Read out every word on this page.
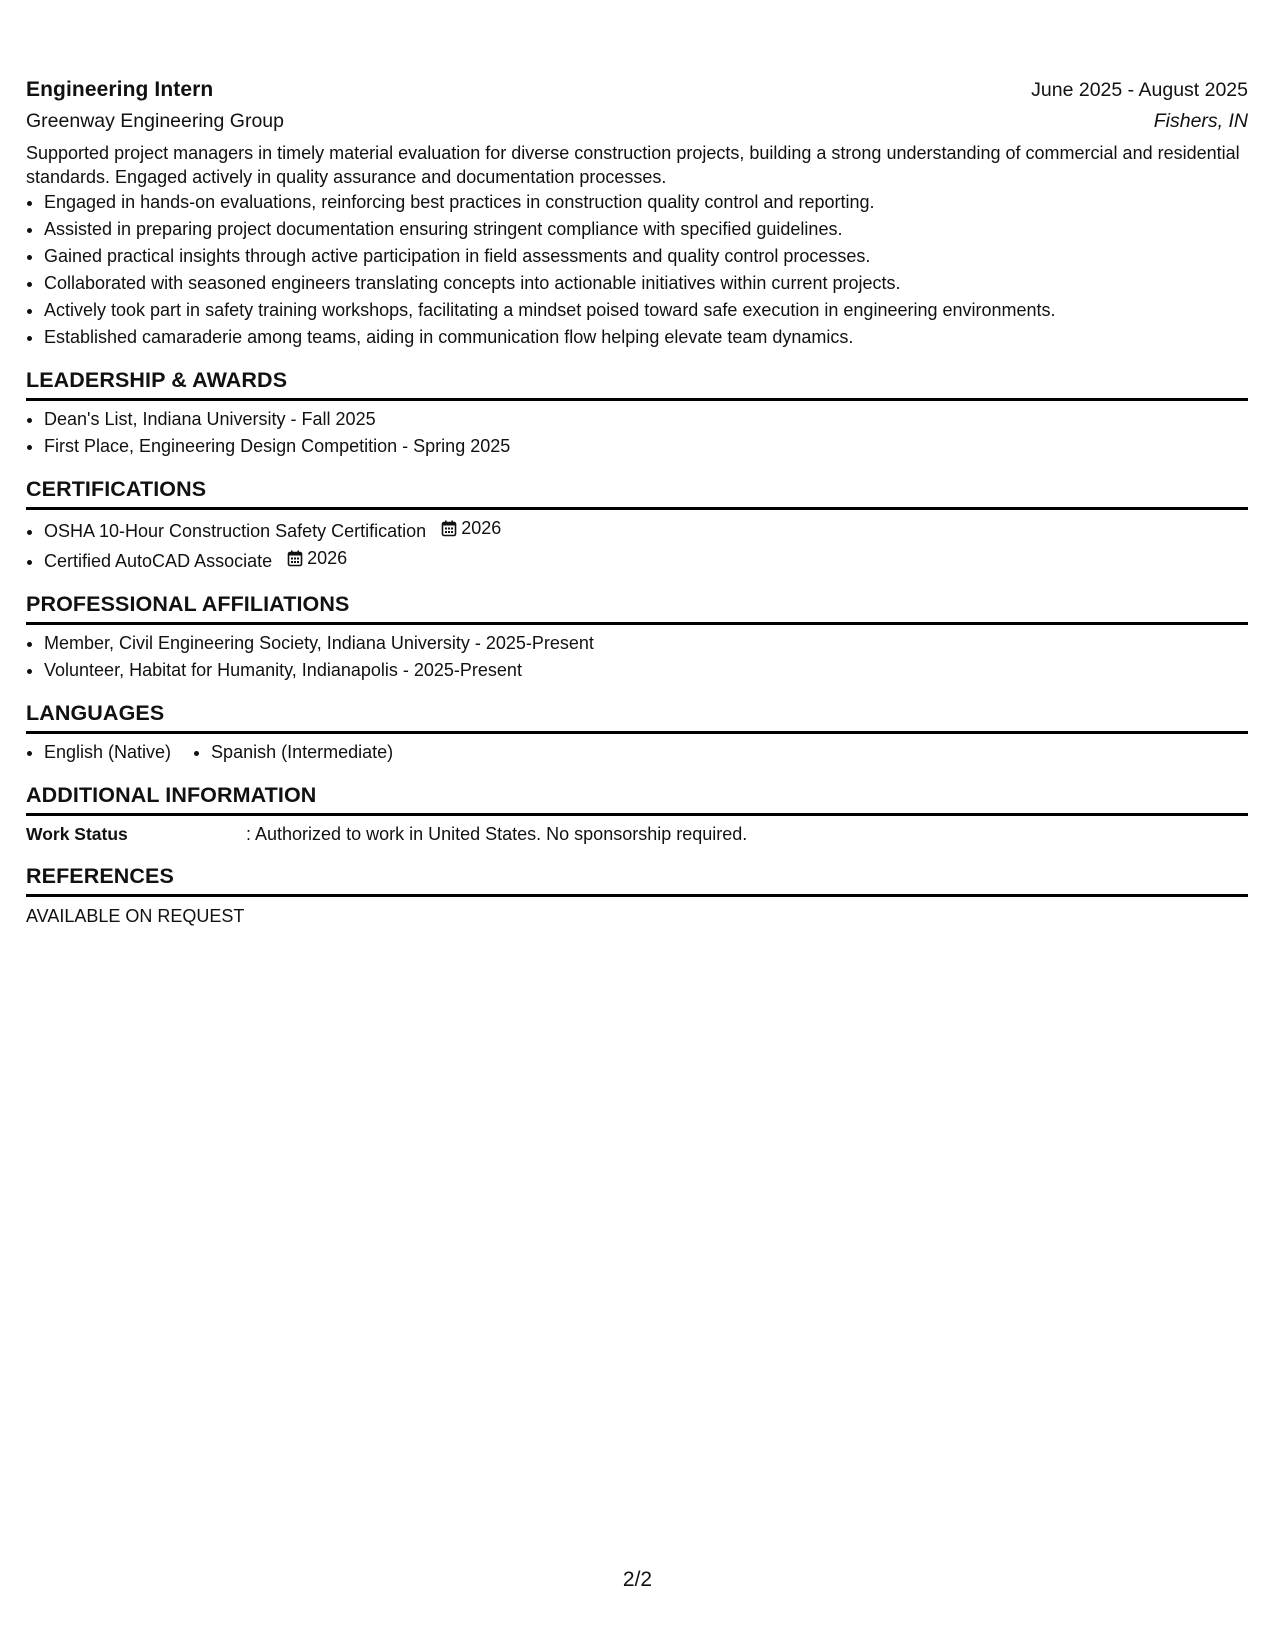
Engineering Intern	June 2025 - August 2025
Greenway Engineering Group	Fishers, IN
Supported project managers in timely material evaluation for diverse construction projects, building a strong understanding of commercial and residential standards. Engaged actively in quality assurance and documentation processes.
• Engaged in hands-on evaluations, reinforcing best practices in construction quality control and reporting.
• Assisted in preparing project documentation ensuring stringent compliance with specified guidelines.
• Gained practical insights through active participation in field assessments and quality control processes.
• Collaborated with seasoned engineers translating concepts into actionable initiatives within current projects.
• Actively took part in safety training workshops, facilitating a mindset poised toward safe execution in engineering environments.
• Established camaraderie among teams, aiding in communication flow helping elevate team dynamics.
LEADERSHIP & AWARDS
• Dean's List, Indiana University - Fall 2025
• First Place, Engineering Design Competition - Spring 2025
CERTIFICATIONS
• OSHA 10-Hour Construction Safety Certification 2026
• Certified AutoCAD Associate 2026
PROFESSIONAL AFFILIATIONS
• Member, Civil Engineering Society, Indiana University - 2025-Present
• Volunteer, Habitat for Humanity, Indianapolis - 2025-Present
LANGUAGES
• English (Native)
• Spanish (Intermediate)
ADDITIONAL INFORMATION
Work Status	: Authorized to work in United States. No sponsorship required.
REFERENCES
AVAILABLE ON REQUEST
2/2
